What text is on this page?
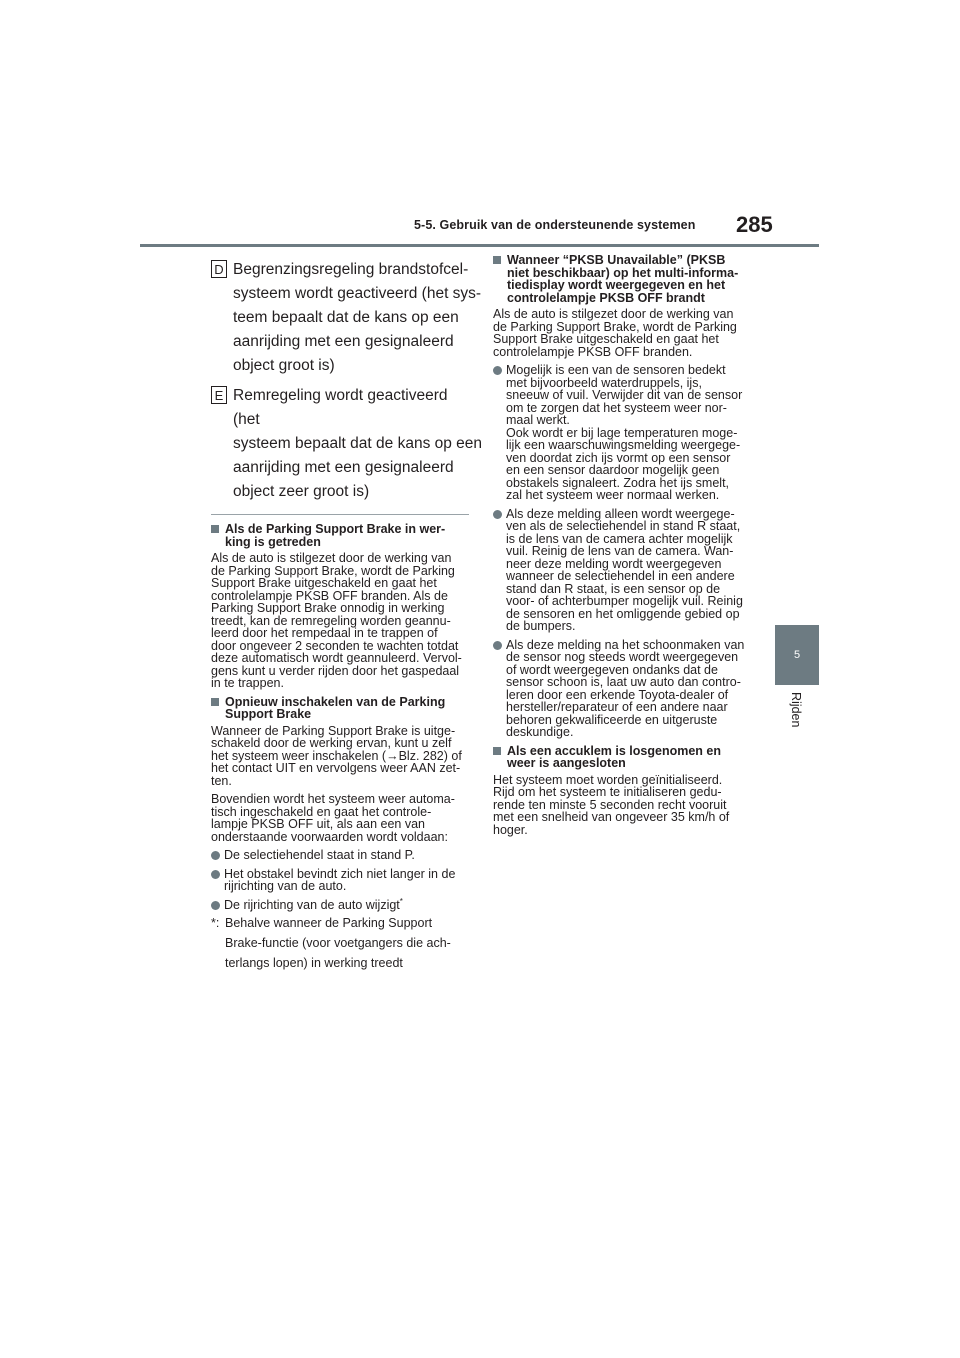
5-5. Gebruik van de ondersteunende systemen 285
5
Rijden
D Begrenzingsregeling brandstofcel-
systeem wordt geactiveerd (het sys-
teem bepaalt dat de kans op een
aanrijding met een gesignaleerd
object groot is)
E Remregeling wordt geactiveerd (het
systeem bepaalt dat de kans op een
aanrijding met een gesignaleerd
object zeer groot is)
Als de Parking Support Brake in wer-
king is getreden
Als de auto is stilgezet door de werking van
de Parking Support Brake, wordt de Parking
Support Brake uitgeschakeld en gaat het
controlelampje PKSB OFF branden. Als de
Parking Support Brake onnodig in werking
treedt, kan de remregeling worden geannu-
leerd door het rempedaal in te trappen of
door ongeveer 2 seconden te wachten totdat
deze automatisch wordt geannuleerd. Vervol-
gens kunt u verder rijden door het gaspedaal
in te trappen.
Opnieuw inschakelen van de Parking
Support Brake
Wanneer de Parking Support Brake is uitge-
schakeld door de werking ervan, kunt u zelf
het systeem weer inschakelen (→Blz. 282) of
het contact UIT en vervolgens weer AAN zet-
ten.
Bovendien wordt het systeem weer automa-
tisch ingeschakeld en gaat het controle-
lampje PKSB OFF uit, als aan een van
onderstaande voorwaarden wordt voldaan:
De selectiehendel staat in stand P.
Het obstakel bevindt zich niet langer in de
rijrichting van de auto.
De rijrichting van de auto wijzigt*
*: Behalve wanneer de Parking Support
Brake-functie (voor voetgangers die ach-
terlangs lopen) in werking treedt
Wanneer “PKSB Unavailable” (PKSB
niet beschikbaar) op het multi-informa-
tiedisplay wordt weergegeven en het
controlelampje PKSB OFF brandt
Als de auto is stilgezet door de werking van
de Parking Support Brake, wordt de Parking
Support Brake uitgeschakeld en gaat het
controlelampje PKSB OFF branden.
Mogelijk is een van de sensoren bedekt
met bijvoorbeeld waterdruppels, ijs,
sneeuw of vuil. Verwijder dit van de sensor
om te zorgen dat het systeem weer nor-
maal werkt.
Ook wordt er bij lage temperaturen moge-
lijk een waarschuwingsmelding weergege-
ven doordat zich ijs vormt op een sensor
en een sensor daardoor mogelijk geen
obstakels signaleert. Zodra het ijs smelt,
zal het systeem weer normaal werken.
Als deze melding alleen wordt weergege-
ven als de selectiehendel in stand R staat,
is de lens van de camera achter mogelijk
vuil. Reinig de lens van de camera. Wan-
neer deze melding wordt weergegeven
wanneer de selectiehendel in een andere
stand dan R staat, is een sensor op de
voor- of achterbumper mogelijk vuil. Reinig
de sensoren en het omliggende gebied op
de bumpers.
Als deze melding na het schoonmaken van
de sensor nog steeds wordt weergegeven
of wordt weergegeven ondanks dat de
sensor schoon is, laat uw auto dan contro-
leren door een erkende Toyota-dealer of
hersteller/reparateur of een andere naar
behoren gekwalificeerde en uitgeruste
deskundige.
Als een accuklem is losgenomen en
weer is aangesloten
Het systeem moet worden geïnitialiseerd.
Rijd om het systeem te initialiseren gedu-
rende ten minste 5 seconden recht vooruit
met een snelheid van ongeveer 35 km/h of
hoger.
